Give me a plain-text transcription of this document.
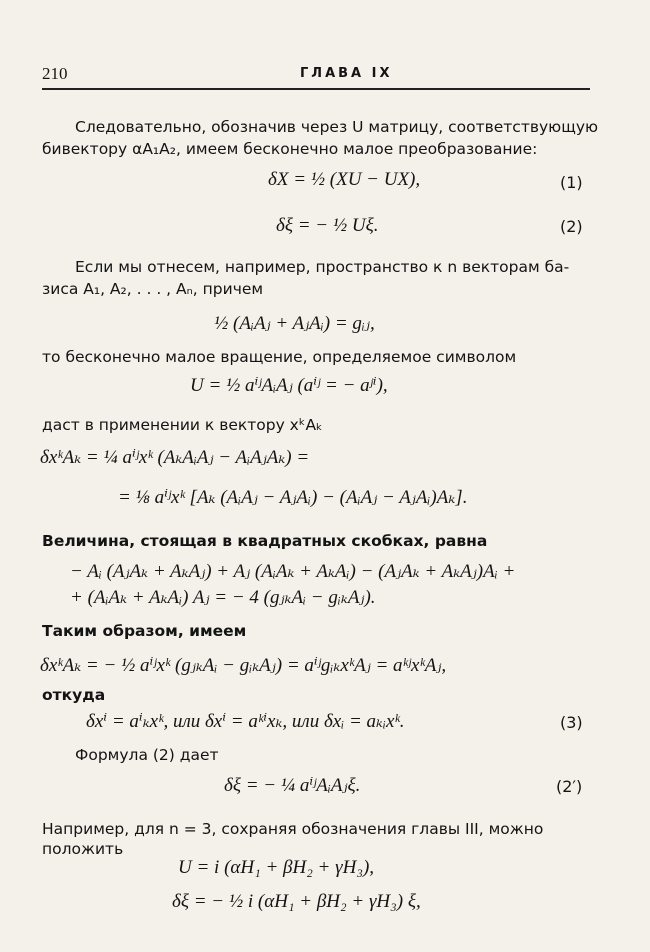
210	ГЛАВА IX
Следовательно, обозначив через U матрицу, соответствующую
бивектору αA₁A₂, имеем бесконечно малое преобразование:
δX = ½ (XU − UX),	(1)
δξ = − ½ Uξ.	(2)
Если мы отнесем, например, пространство к n векторам ба-
зиса A₁, A₂, . . . , Aₙ, причем
½ (AᵢAⱼ + AⱼAᵢ) = gᵢⱼ,
то бесконечно малое вращение, определяемое символом
U = ½ aⁱʲAᵢAⱼ (aⁱʲ = − aʲⁱ),
даст в применении к вектору xᵏAₖ
δxᵏAₖ = ¼ aⁱʲxᵏ (AₖAᵢAⱼ − AᵢAⱼAₖ) =
= ⅛ aⁱʲxᵏ [Aₖ (AᵢAⱼ − AⱼAᵢ) − (AᵢAⱼ − AⱼAᵢ)Aₖ].
Величина, стоящая в квадратных скобках, равна
− Aᵢ (AⱼAₖ + AₖAⱼ) + Aⱼ (AᵢAₖ + AₖAᵢ) − (AⱼAₖ + AₖAⱼ)Aᵢ +
+ (AᵢAₖ + AₖAᵢ) Aⱼ = − 4 (gⱼₖAᵢ − gᵢₖAⱼ).
Таким образом, имеем
δxᵏAₖ = − ½ aⁱʲxᵏ (gⱼₖAᵢ − gᵢₖAⱼ) = aⁱʲgᵢₖxᵏAⱼ = aᵏʲxᵏAⱼ,
откуда
δxⁱ = aⁱₖxᵏ, или δxⁱ = aᵏⁱxₖ, или δxᵢ = aₖᵢxᵏ.	(3)
Формула (2) дает
δξ = − ¼ aⁱʲAᵢAⱼξ.	(2′)
Например, для n = 3, сохраняя обозначения главы III, можно
положить
U = i (αH₁ + βH₂ + γH₃),
δξ = − ½ i (αH₁ + βH₂ + γH₃) ξ,
